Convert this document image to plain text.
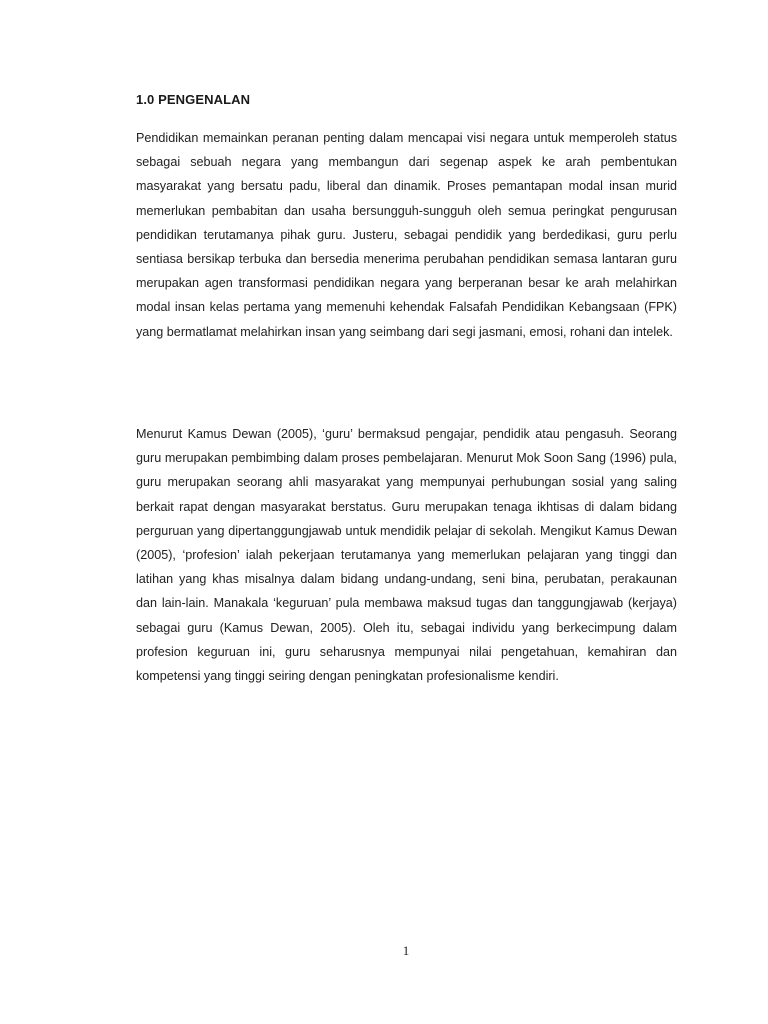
1.0 PENGENALAN

Pendidikan memainkan peranan penting dalam mencapai visi negara untuk memperoleh status sebagai sebuah negara yang membangun dari segenap aspek ke arah pembentukan masyarakat yang bersatu padu, liberal dan dinamik. Proses pemantapan modal insan murid memerlukan pembabitan dan usaha bersungguh-sungguh oleh semua peringkat pengurusan pendidikan terutamanya pihak guru. Justeru, sebagai pendidik yang berdedikasi, guru perlu sentiasa bersikap terbuka dan bersedia menerima perubahan pendidikan semasa lantaran guru merupakan agen transformasi pendidikan negara yang berperanan besar ke arah melahirkan modal insan kelas pertama yang memenuhi kehendak Falsafah Pendidikan Kebangsaan (FPK) yang bermatlamat melahirkan insan yang seimbang dari segi jasmani, emosi, rohani dan intelek.

Menurut Kamus Dewan (2005), ‘guru’ bermaksud pengajar, pendidik atau pengasuh. Seorang guru merupakan pembimbing dalam proses pembelajaran. Menurut Mok Soon Sang (1996) pula, guru merupakan seorang ahli masyarakat yang mempunyai perhubungan sosial yang saling berkait rapat dengan masyarakat berstatus. Guru merupakan tenaga ikhtisas di dalam bidang perguruan yang dipertanggungjawab untuk mendidik pelajar di sekolah. Mengikut Kamus Dewan (2005), ‘profesion’ ialah pekerjaan terutamanya yang memerlukan pelajaran yang tinggi dan latihan yang khas misalnya dalam bidang undang-undang, seni bina, perubatan, perakaunan dan lain-lain. Manakala ‘keguruan’ pula membawa maksud tugas dan tanggungjawab (kerjaya) sebagai guru (Kamus Dewan, 2005). Oleh itu, sebagai individu yang berkecimpung dalam profesion keguruan ini, guru seharusnya mempunyai nilai pengetahuan, kemahiran dan kompetensi yang tinggi seiring dengan peningkatan profesionalisme kendiri.

1
